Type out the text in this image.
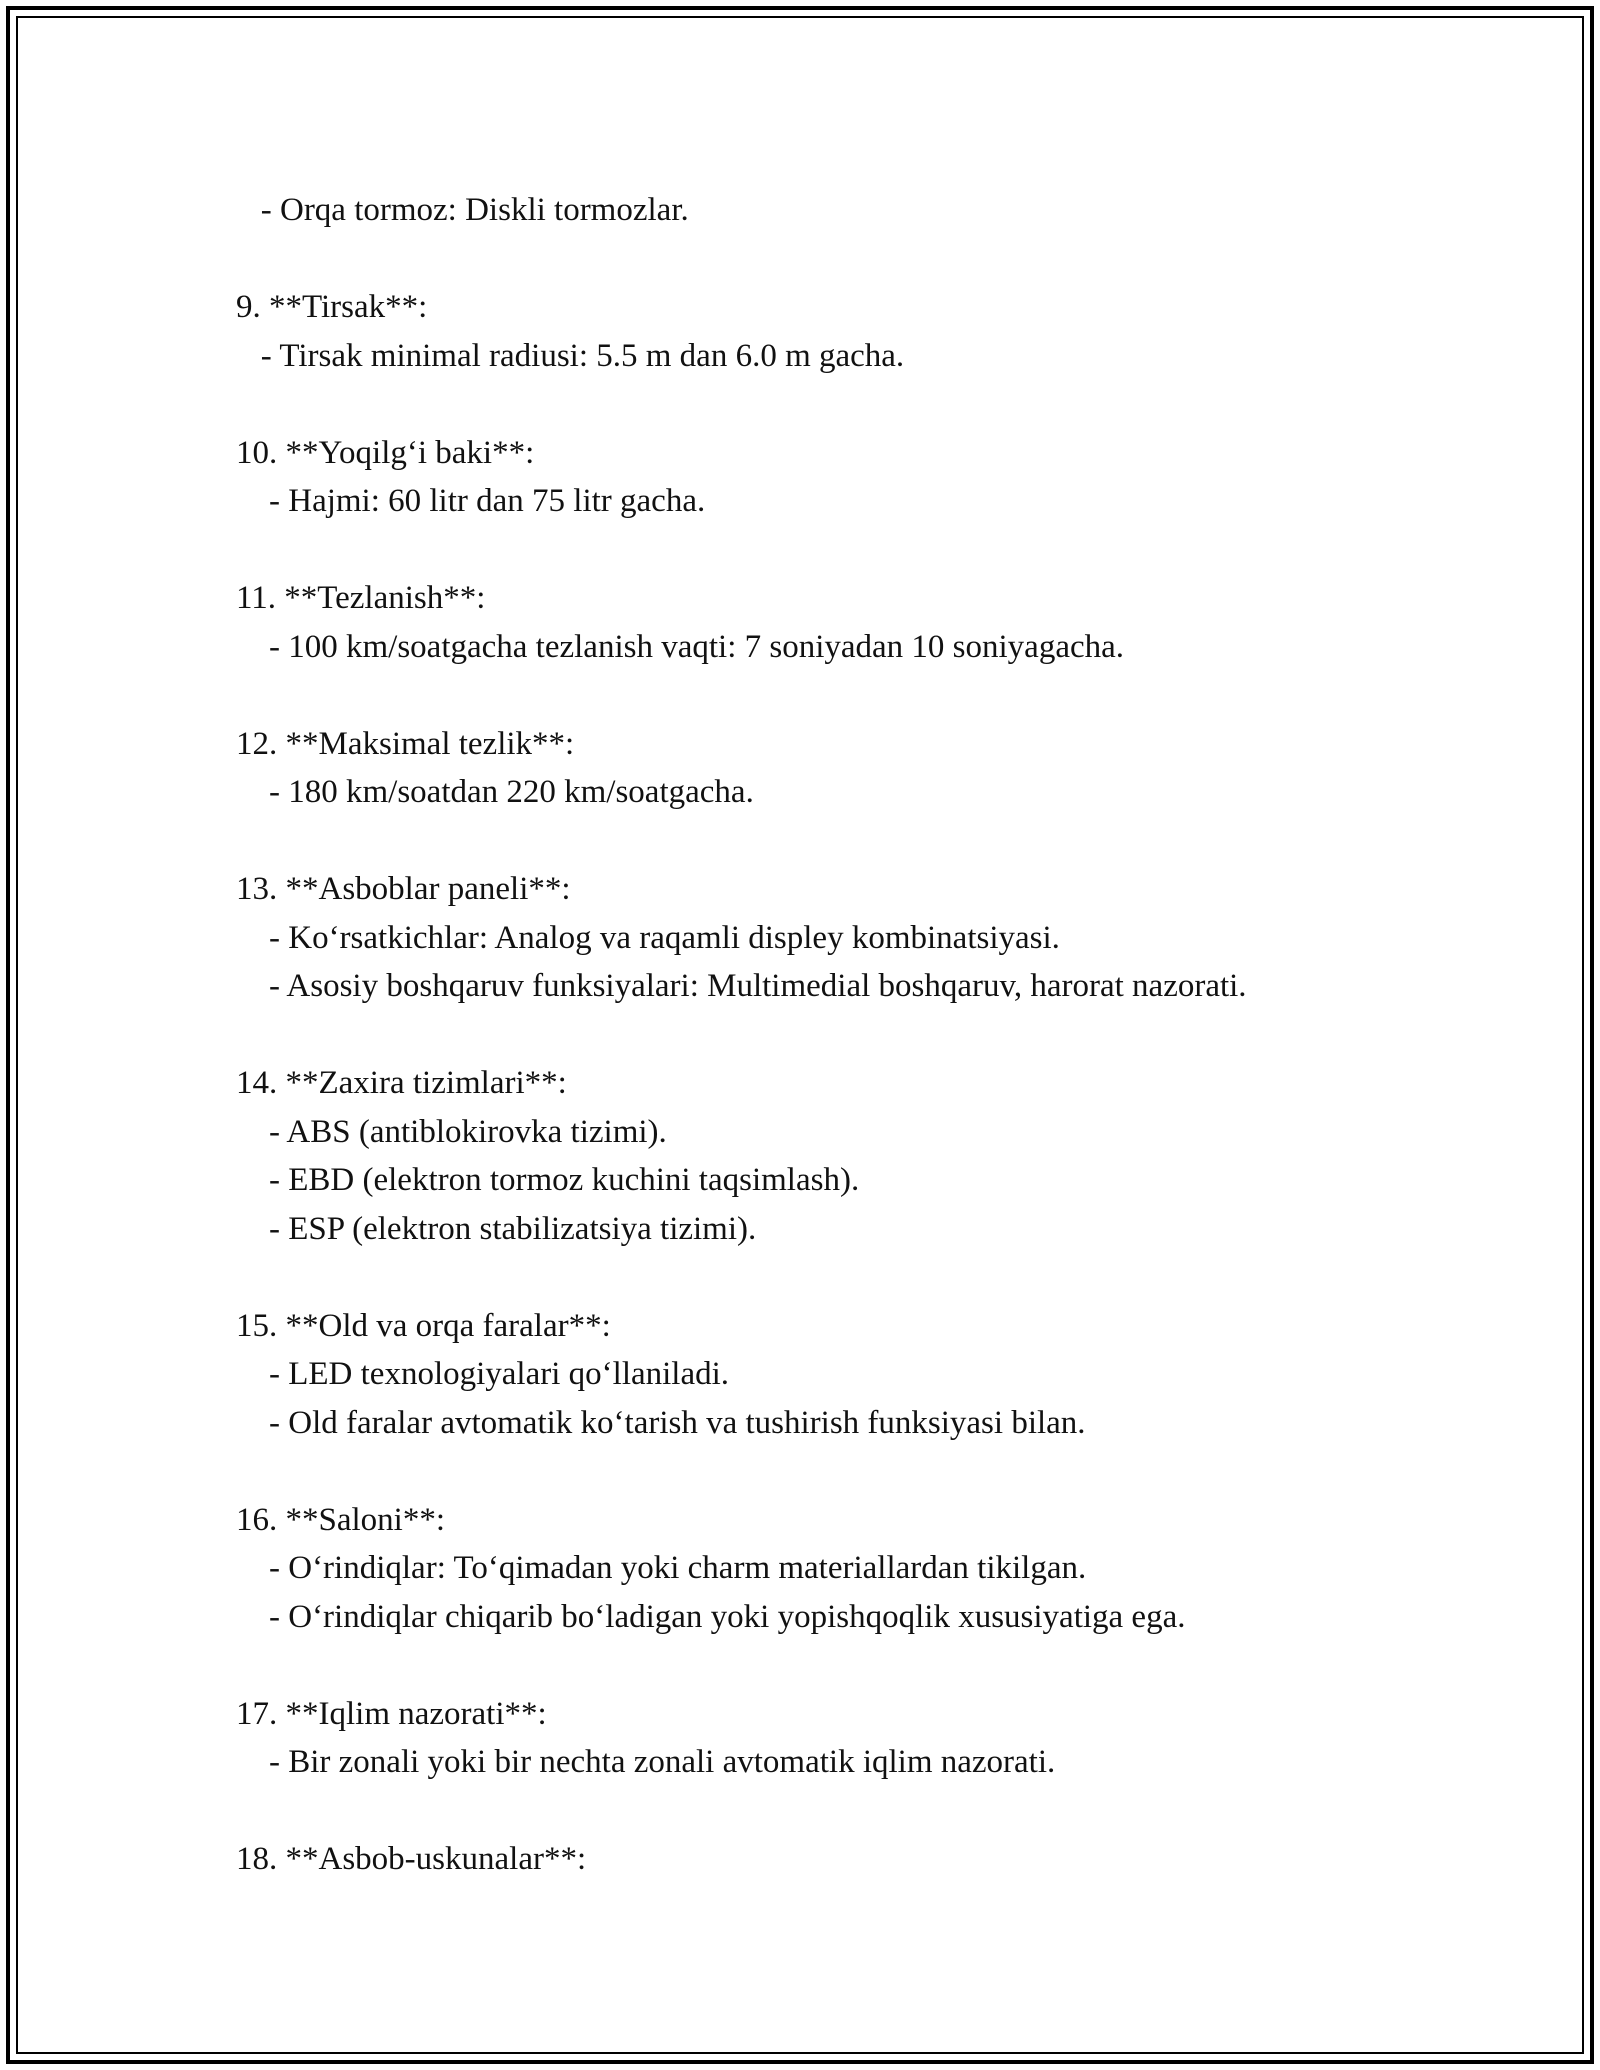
- Orqa tormoz: Diskli tormozlar.
9. **Tirsak**:
- Tirsak minimal radiusi: 5.5 m dan 6.0 m gacha.
10. **Yoqilg‘i baki**:
- Hajmi: 60 litr dan 75 litr gacha.
11. **Tezlanish**:
- 100 km/soatgacha tezlanish vaqti: 7 soniyadan 10 soniyagacha.
12. **Maksimal tezlik**:
- 180 km/soatdan 220 km/soatgacha.
13. **Asboblar paneli**:
- Ko‘rsatkichlar: Analog va raqamli displey kombinatsiyasi.
- Asosiy boshqaruv funksiyalari: Multimedial boshqaruv, harorat nazorati.
14. **Zaxira tizimlari**:
- ABS (antiblokirovka tizimi).
- EBD (elektron tormoz kuchini taqsimlash).
- ESP (elektron stabilizatsiya tizimi).
15. **Old va orqa faralar**:
- LED texnologiyalari qo‘llaniladi.
- Old faralar avtomatik ko‘tarish va tushirish funksiyasi bilan.
16. **Saloni**:
- O‘rindiqlar: To‘qimadan yoki charm materiallardan tikilgan.
- O‘rindiqlar chiqarib bo‘ladigan yoki yopishqoqlik xususiyatiga ega.
17. **Iqlim nazorati**:
- Bir zonali yoki bir nechta zonali avtomatik iqlim nazorati.
18. **Asbob-uskunalar**:
